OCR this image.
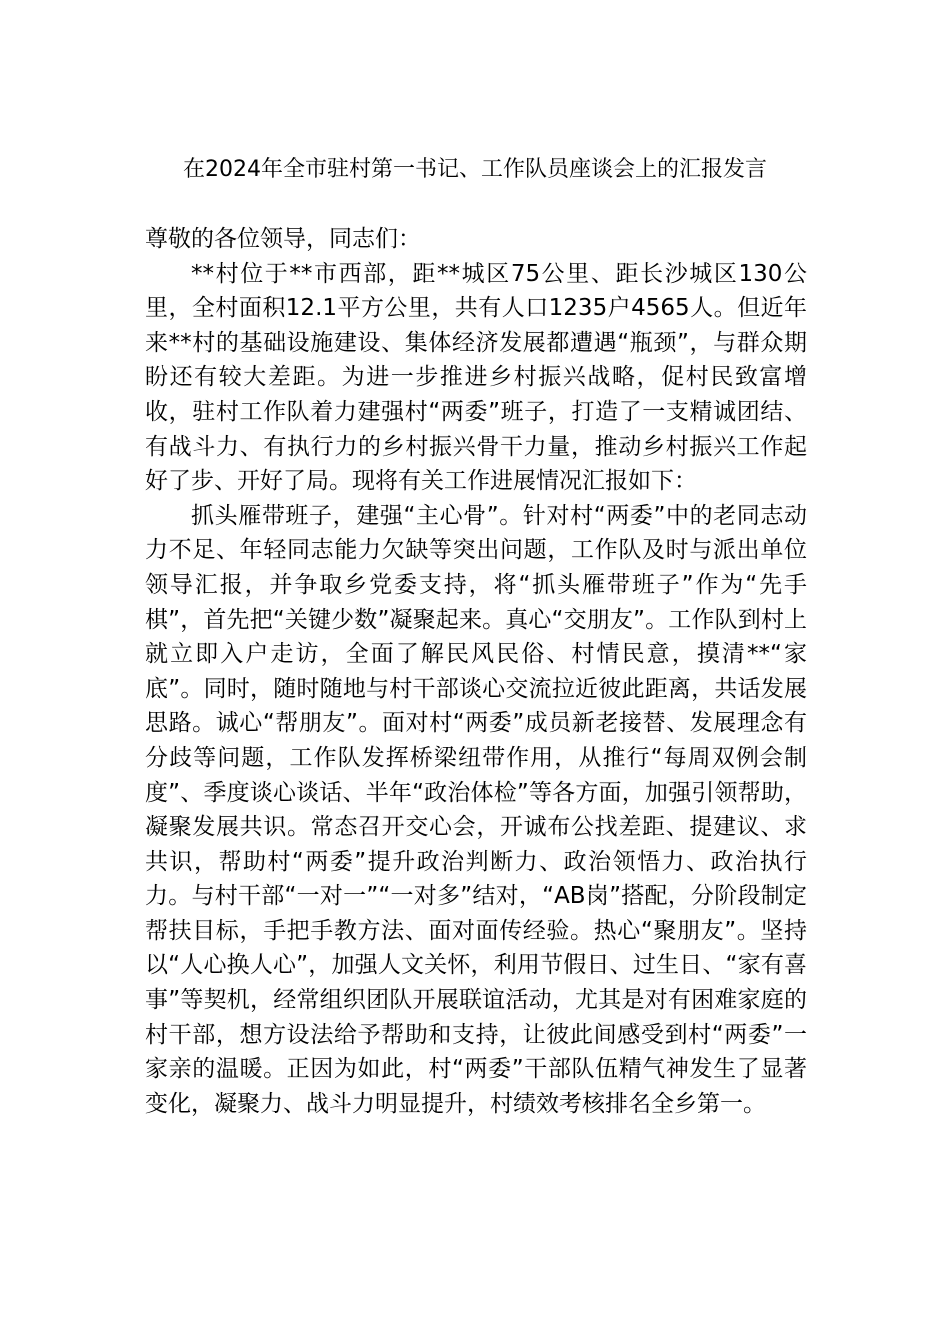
在2024年全市驻村第一书记、工作队员座谈会上的汇报发言

尊敬的各位领导，同志们：

**村位于**市西部，距**城区75公里、距长沙城区130公里，全村面积12.1平方公里，共有人口1235户4565人。但近年来**村的基础设施建设、集体经济发展都遭遇“瓶颈”，与群众期盼还有较大差距。为进一步推进乡村振兴战略，促村民致富增收，驻村工作队着力建强村“两委”班子，打造了一支精诚团结、有战斗力、有执行力的乡村振兴骨干力量，推动乡村振兴工作起好了步、开好了局。现将有关工作进展情况汇报如下：

抓头雁带班子，建强“主心骨”。针对村“两委”中的老同志动力不足、年轻同志能力欠缺等突出问题，工作队及时与派出单位领导汇报，并争取乡党委支持，将“抓头雁带班子”作为“先手棋”，首先把“关键少数”凝聚起来。真心“交朋友”。工作队到村上就立即入户走访，全面了解民风民俗、村情民意，摸清**“家底”。同时，随时随地与村干部谈心交流拉近彼此距离，共话发展思路。诚心“帮朋友”。面对村“两委”成员新老接替、发展理念有分歧等问题，工作队发挥桥梁纽带作用，从推行“每周双例会制度”、季度谈心谈话、半年“政治体检”等各方面，加强引领帮助，凝聚发展共识。常态召开交心会，开诚布公找差距、提建议、求共识，帮助村“两委”提升政治判断力、政治领悟力、政治执行力。与村干部“一对一”“一对多”结对，“AB岗”搭配，分阶段制定帮扶目标，手把手教方法、面对面传经验。热心“聚朋友”。坚持以“人心换人心”，加强人文关怀，利用节假日、过生日、“家有喜事”等契机，经常组织团队开展联谊活动，尤其是对有困难家庭的村干部，想方设法给予帮助和支持，让彼此间感受到村“两委”一家亲的温暖。正因为如此，村“两委”干部队伍精气神发生了显著变化，凝聚力、战斗力明显提升，村绩效考核排名全乡第一。
